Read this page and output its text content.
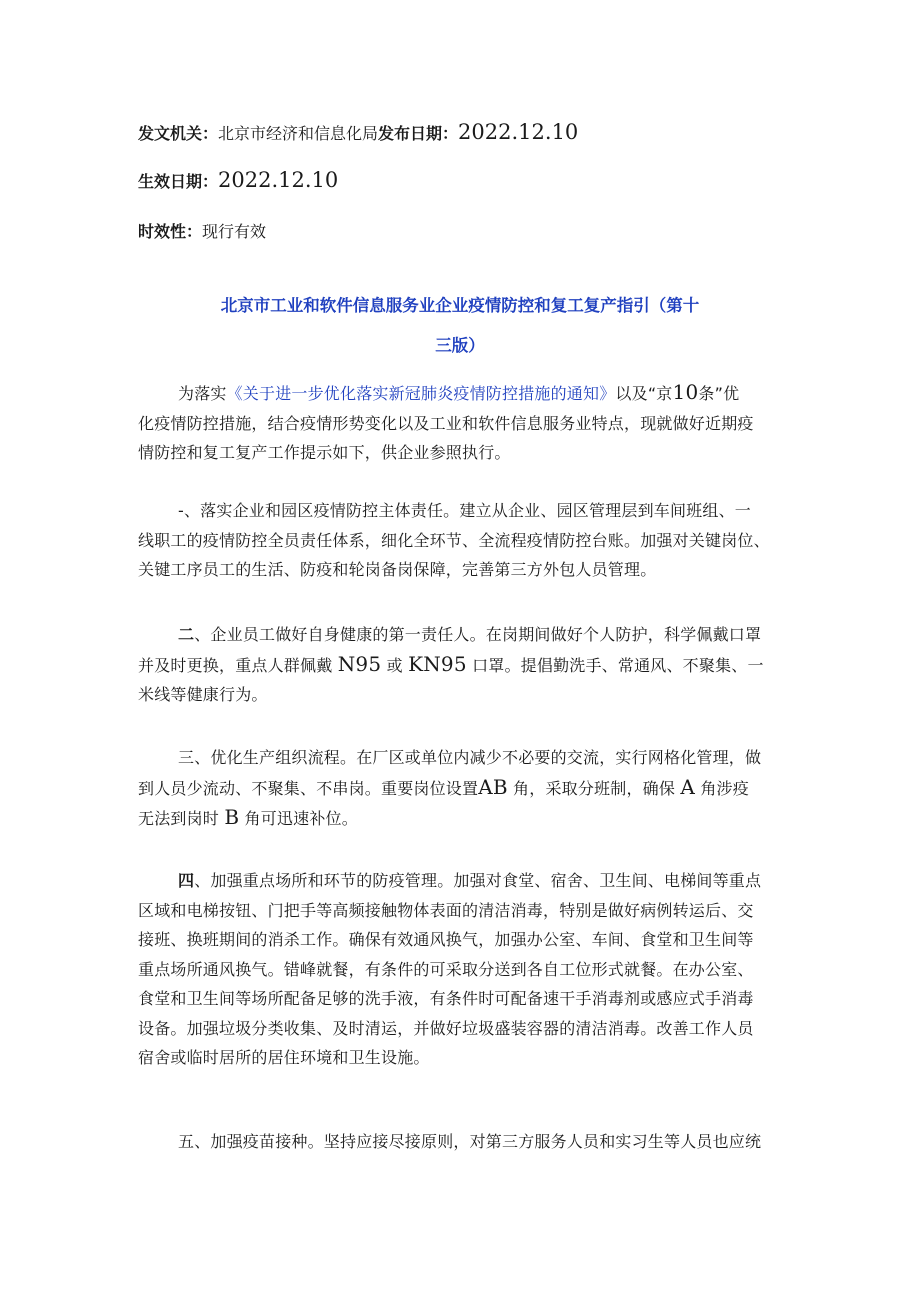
发文机关：北京市经济和信息化局发布日期：2022.12.10
生效日期：2022.12.10
时效性：现行有效
北京市工业和软件信息服务业企业疫情防控和复工复产指引（第十
三版）
为落实《关于进一步优化落实新冠肺炎疫情防控措施的通知》以及“京10条”优
化疫情防控措施，结合疫情形势变化以及工业和软件信息服务业特点，现就做好近期疫
情防控和复工复产工作提示如下，供企业参照执行。
-、落实企业和园区疫情防控主体责任。建立从企业、园区管理层到车间班组、一
线职工的疫情防控全员责任体系，细化全环节、全流程疫情防控台账。加强对关键岗位、
关键工序员工的生活、防疫和轮岗备岗保障，完善第三方外包人员管理。
二、企业员工做好自身健康的第一责任人。在岗期间做好个人防护，科学佩戴口罩
并及时更换，重点人群佩戴 N95 或 KN95 口罩。提倡勤洗手、常通风、不聚集、一
米线等健康行为。
三、优化生产组织流程。在厂区或单位内减少不必要的交流，实行网格化管理，做
到人员少流动、不聚集、不串岗。重要岗位设置AB 角，采取分班制，确保 A 角涉疫
无法到岗时 B 角可迅速补位。
四、加强重点场所和环节的防疫管理。加强对食堂、宿舍、卫生间、电梯间等重点
区域和电梯按钮、门把手等高频接触物体表面的清洁消毒，特别是做好病例转运后、交
接班、换班期间的消杀工作。确保有效通风换气，加强办公室、车间、食堂和卫生间等
重点场所通风换气。错峰就餐，有条件的可采取分送到各自工位形式就餐。在办公室、
食堂和卫生间等场所配备足够的洗手液，有条件时可配备速干手消毒剂或感应式手消毒
设备。加强垃圾分类收集、及时清运，并做好垃圾盛装容器的清洁消毒。改善工作人员
宿舍或临时居所的居住环境和卫生设施。
五、加强疫苗接种。坚持应接尽接原则，对第三方服务人员和实习生等人员也应统
